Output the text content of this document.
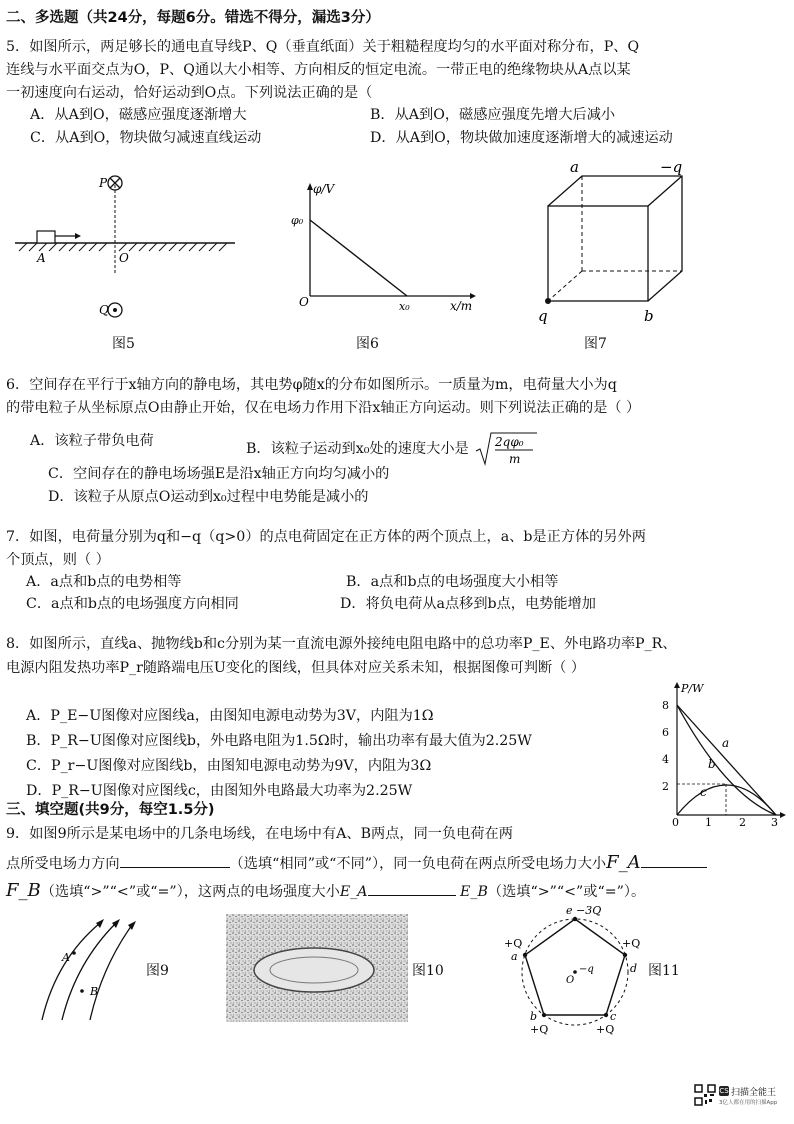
二、多选题（共24分，每题6分。错选不得分，漏选3分）
5．如图所示，两足够长的通电直导线P、Q（垂直纸面）关于粗糙程度均匀的水平面对称分布，P、Q
连线与水平面交点为O，P、Q通以大小相等、方向相反的恒定电流。一带正电的绝缘物块从A点以某
一初速度向右运动，恰好运动到O点。下列说法正确的是（
A．从A到O，磁感应强度逐渐增大	B．从A到O，磁感应强度先增大后减小
C．从A到O，物块做匀减速直线运动	D．从A到O，物块做加速度逐渐增大的减速运动
P
A	O
Q
图5
φ/V
φ₀
O	x₀	x/m
图6
a	−q
q	b
图7
6．空间存在平行于x轴方向的静电场，其电势φ随x的分布如图所示。一质量为m，电荷量大小为q
的带电粒子从坐标原点O由静止开始，仅在电场力作用下沿x轴正方向运动。则下列说法正确的是（ ）
A．该粒子带负电荷	B．该粒子运动到x₀处的速度大小是 2qφ₀
m
C．空间存在的静电场场强E是沿x轴正方向均匀减小的
D．该粒子从原点O运动到x₀过程中电势能是减小的
7．如图，电荷量分别为q和−q（q>0）的点电荷固定在正方体的两个顶点上，a、b是正方体的另外两
个顶点，则（ ）
A．a点和b点的电势相等	B．a点和b点的电场强度大小相等
C．a点和b点的电场强度方向相同	D．将负电荷从a点移到b点，电势能增加
8．如图所示，直线a、抛物线b和c分别为某一直流电源外接纯电阻电路中的总功率P_E、外电路功率P_R、
电源内阻发热功率P_r随路端电压U变化的图线，但具体对应关系未知，根据图像可判断（ ）
A．P_E−U图像对应图线a，由图知电源电动势为3V，内阻为1Ω
B．P_R−U图像对应图线b，外电路电阻为1.5Ω时，输出功率有最大值为2.25W
C．P_r−U图像对应图线b，由图知电源电动势为9V，内阻为3Ω
D．P_R−U图像对应图线c，由图知外电路最大功率为2.25W
P/W
8
6
4
2
0 1 2 3
a
b
c
三、填空题(共9分，每空1.5分)
9．如图9所示是某电场中的几条电场线，在电场中有A、B两点，同一负电荷在两
点所受电场力方向	（选填“相同”或“不同”），同一负电荷在两点所受电场力大小F_A
F_B（选填“>”“<”或“=”），这两点的电场强度大小E_A	E_B（选填“>”“<”或“=”）。
A
B
图9	图10
e −3Q
+Q
a
+Q
d
b
+Q
c
+Q
−q
O
图11
CS 扫描全能王
3亿人都在用的扫描App
